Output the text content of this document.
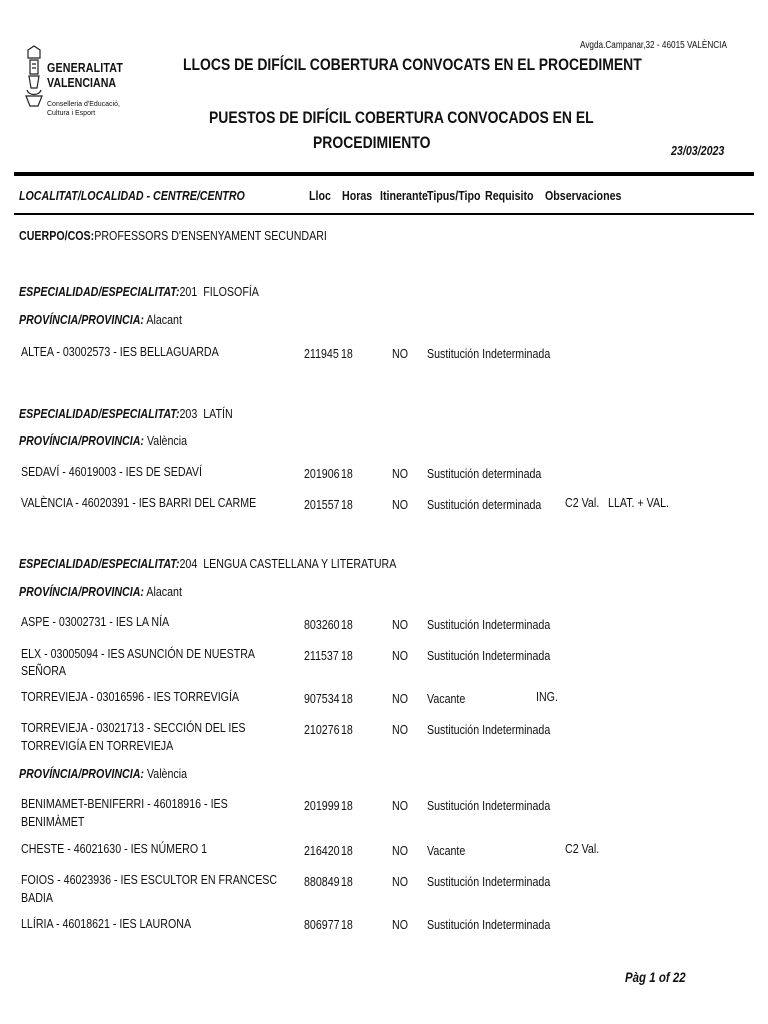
GENERALITAT
VALENCIANA
Conselleria d'Educació,
Cultura i Esport
Avgda.Campanar,32 - 46015 VALÈNCIA
LLOCS DE DIFÍCIL COBERTURA CONVOCATS EN EL PROCEDIMENT
PUESTOS DE DIFÍCIL COBERTURA CONVOCADOS EN EL
PROCEDIMIENTO	23/03/2023
LOCALITAT/LOCALIDAD - CENTRE/CENTRO	Lloc Horas Itinerante Tipus/Tipo Requisito Observaciones
CUERPO/COS:PROFESSORS D'ENSENYAMENT SECUNDARI
ESPECIALIDAD/ESPECIALITAT:201 FILOSOFÍA
PROVÍNCIA/PROVINCIA: Alacant
ALTEA - 03002573 - IES BELLAGUARDA	211945 18	NO Sustitución Indeterminada
ESPECIALIDAD/ESPECIALITAT:203 LATÍN
PROVÍNCIA/PROVINCIA: València
SEDAVÍ - 46019003 - IES DE SEDAVÍ	201906 18	NO Sustitución determinada
VALÈNCIA - 46020391 - IES BARRI DEL CARME	201557 18	NO Sustitución determinada C2 Val.   LLAT. + VAL.
ESPECIALIDAD/ESPECIALITAT:204 LENGUA CASTELLANA Y LITERATURA
PROVÍNCIA/PROVINCIA: Alacant
ASPE - 03002731 - IES LA NÍA	803260 18	NO Sustitución Indeterminada
ELX - 03005094 - IES ASUNCIÓN DE NUESTRA
SEÑORA
211537 18	NO Sustitución Indeterminada
TORREVIEJA - 03016596 - IES TORREVIGÍA	907534 18	NO Vacante	ING.
TORREVIEJA - 03021713 - SECCIÓN DEL IES
TORREVIGÍA EN TORREVIEJA
210276 18	NO Sustitución Indeterminada
PROVÍNCIA/PROVINCIA: València
BENIMAMET-BENIFERRI - 46018916 - IES
BENIMÀMET
201999 18	NO Sustitución Indeterminada
CHESTE - 46021630 - IES NÚMERO 1	216420 18	NO Vacante	C2 Val.
FOIOS - 46023936 - IES ESCULTOR EN FRANCESC
BADIA
880849 18	NO Sustitución Indeterminada
LLÍRIA - 46018621 - IES LAURONA	806977 18	NO Sustitución Indeterminada
Pàg 1 of 22
